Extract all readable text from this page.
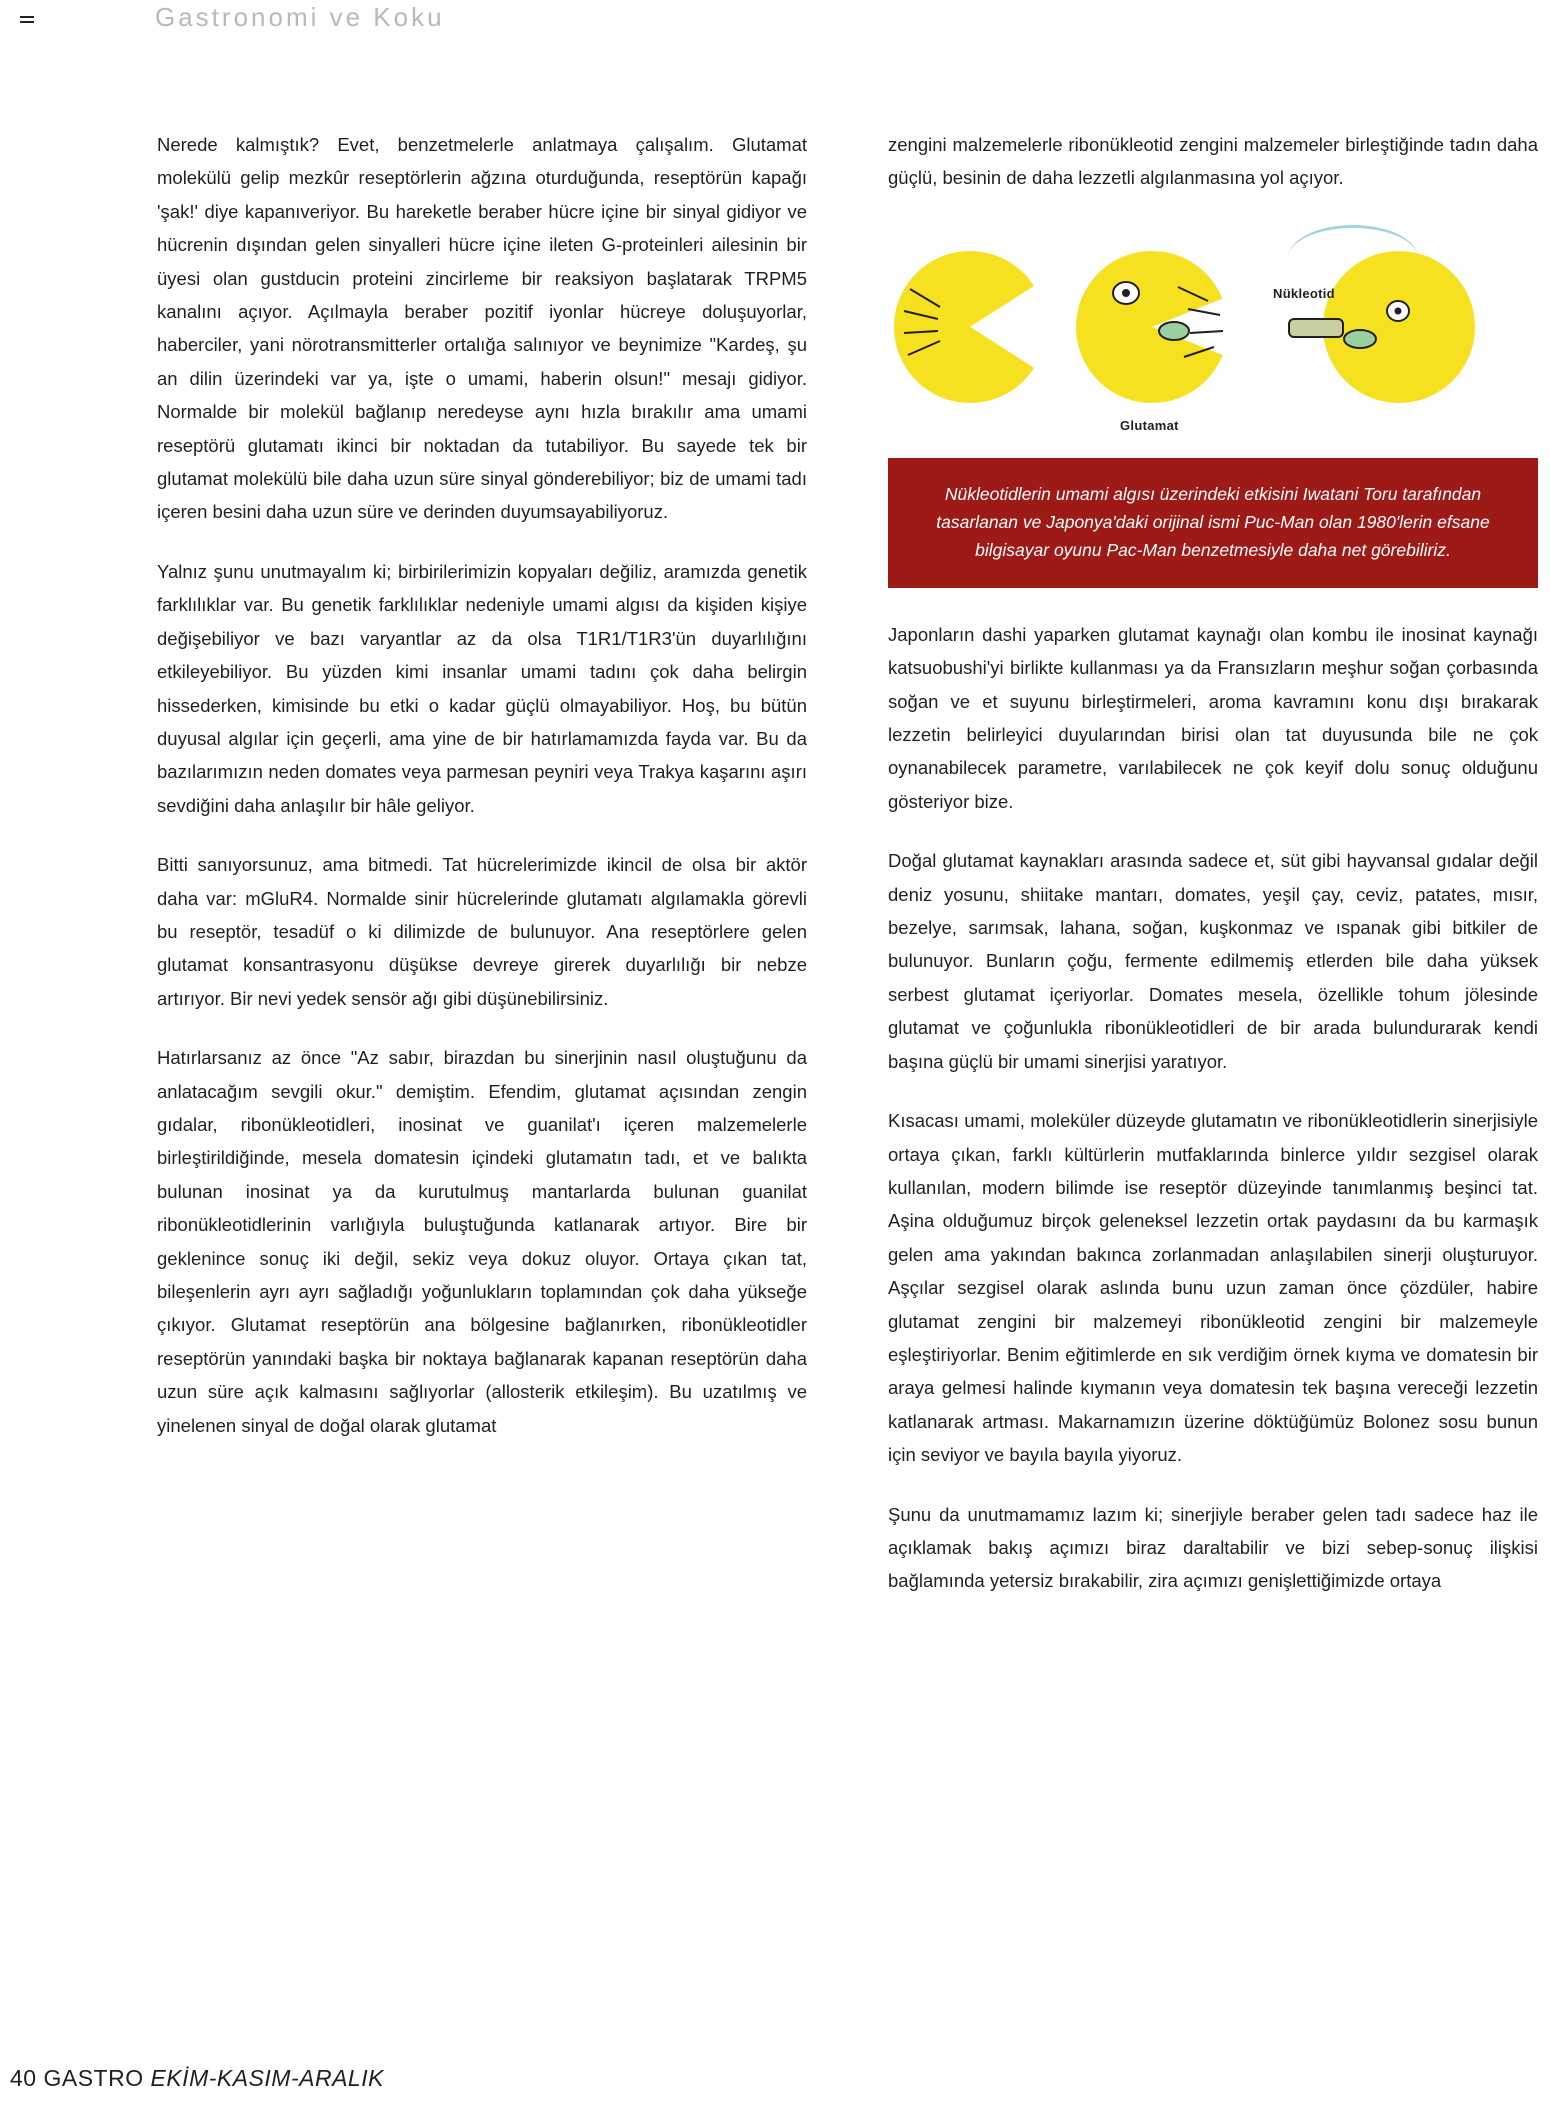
Gastronomi ve Koku

Nerede kalmıştık? Evet, benzetmelerle anlatmaya çalışalım. Glutamat molekülü gelip mezkûr reseptörlerin ağzına oturduğunda, reseptörün kapağı 'şak!' diye kapanıveriyor. Bu hareketle beraber hücre içine bir sinyal gidiyor ve hücrenin dışından gelen sinyalleri hücre içine ileten G-proteinleri ailesinin bir üyesi olan gustducin proteini zincirleme bir reaksiyon başlatarak TRPM5 kanalını açıyor. Açılmayla beraber pozitif iyonlar hücreye doluşuyorlar, haberciler, yani nörotransmitterler ortalığa salınıyor ve beynimize "Kardeş, şu an dilin üzerindeki var ya, işte o umami, haberin olsun!" mesajı gidiyor. Normalde bir molekül bağlanıp neredeyse aynı hızla bırakılır ama umami reseptörü glutamatı ikinci bir noktadan da tutabiliyor. Bu sayede tek bir glutamat molekülü bile daha uzun süre sinyal gönderebiliyor; biz de umami tadı içeren besini daha uzun süre ve derinden duyumsayabiliyoruz.

Yalnız şunu unutmayalım ki; birbirilerimizin kopyaları değiliz, aramızda genetik farklılıklar var. Bu genetik farklılıklar nedeniyle umami algısı da kişiden kişiye değişebiliyor ve bazı varyantlar az da olsa T1R1/T1R3'ün duyarlılığını etkileyebiliyor. Bu yüzden kimi insanlar umami tadını çok daha belirgin hissederken, kimisinde bu etki o kadar güçlü olmayabiliyor. Hoş, bu bütün duyusal algılar için geçerli, ama yine de bir hatırlamamızda fayda var. Bu da bazılarımızın neden domates veya parmesan peyniri veya Trakya kaşarını aşırı sevdiğini daha anlaşılır bir hâle geliyor.

Bitti sanıyorsunuz, ama bitmedi. Tat hücrelerimizde ikincil de olsa bir aktör daha var: mGluR4. Normalde sinir hücrelerinde glutamatı algılamakla görevli bu reseptör, tesadüf o ki dilimizde de bulunuyor. Ana reseptörlere gelen glutamat konsantrasyonu düşükse devreye girerek duyarlılığı bir nebze artırıyor. Bir nevi yedek sensör ağı gibi düşünebilirsiniz.

Hatırlarsanız az önce "Az sabır, birazdan bu sinerjinin nasıl oluştuğunu da anlatacağım sevgili okur." demiştim. Efendim, glutamat açısından zengin gıdalar, ribonükleotidleri, inosinat ve guanilat'ı içeren malzemelerle birleştirildiğinde, mesela domatesin içindeki glutamatın tadı, et ve balıkta bulunan inosinat ya da kurutulmuş mantarlarda bulunan guanilat ribonükleotidlerinin varlığıyla buluştuğunda katlanarak artıyor. Bire bir geklenince sonuç iki değil, sekiz veya dokuz oluyor. Ortaya çıkan tat, bileşenlerin ayrı ayrı sağladığı yoğunlukların toplamından çok daha yükseğe çıkıyor. Glutamat reseptörün ana bölgesine bağlanırken, ribonükleotidler reseptörün yanındaki başka bir noktaya bağlanarak kapanan reseptörün daha uzun süre açık kalmasını sağlıyorlar (allosterik etkileşim). Bu uzatılmış ve yinelenen sinyal de doğal olarak glutamat

zengini malzemelerle ribonükleotid zengini malzemeler birleştiğinde tadın daha güçlü, besinin de daha lezzetli algılanmasına yol açıyor.

Glutamat
Nükleotid
Nükleotidlerin umami algısı üzerindeki etkisini Iwatani Toru tarafından tasarlanan ve Japonya'daki orijinal ismi Puc-Man olan 1980'lerin efsane bilgisayar oyunu Pac-Man benzetmesiyle daha net görebiliriz.

Japonların dashi yaparken glutamat kaynağı olan kombu ile inosinat kaynağı katsuobushi'yi birlikte kullanması ya da Fransızların meşhur soğan çorbasında soğan ve et suyunu birleştirmeleri, aroma kavramını konu dışı bırakarak lezzetin belirleyici duyularından birisi olan tat duyusunda bile ne çok oynanabilecek parametre, varılabilecek ne çok keyif dolu sonuç olduğunu gösteriyor bize.

Doğal glutamat kaynakları arasında sadece et, süt gibi hayvansal gıdalar değil deniz yosunu, shiitake mantarı, domates, yeşil çay, ceviz, patates, mısır, bezelye, sarımsak, lahana, soğan, kuşkonmaz ve ıspanak gibi bitkiler de bulunuyor. Bunların çoğu, fermente edilmemiş etlerden bile daha yüksek serbest glutamat içeriyorlar. Domates mesela, özellikle tohum jölesinde glutamat ve çoğunlukla ribonükleotidleri de bir arada bulundurarak kendi başına güçlü bir umami sinerjisi yaratıyor.

Kısacası umami, moleküler düzeyde glutamatın ve ribonükleotidlerin sinerjisiyle ortaya çıkan, farklı kültürlerin mutfaklarında binlerce yıldır sezgisel olarak kullanılan, modern bilimde ise reseptör düzeyinde tanımlanmış beşinci tat. Aşina olduğumuz birçok geleneksel lezzetin ortak paydasını da bu karmaşık gelen ama yakından bakınca zorlanmadan anlaşılabilen sinerji oluşturuyor. Aşçılar sezgisel olarak aslında bunu uzun zaman önce çözdüler, habire glutamat zengini bir malzemeyi ribonükleotid zengini bir malzemeyle eşleştiriyorlar. Benim eğitimlerde en sık verdiğim örnek kıyma ve domatesin bir araya gelmesi halinde kıymanın veya domatesin tek başına vereceği lezzetin katlanarak artması. Makarnamızın üzerine döktüğümüz Bolonez sosu bunun için seviyor ve bayıla bayıla yiyoruz.

Şunu da unutmamamız lazım ki; sinerjiyle beraber gelen tadı sadece haz ile açıklamak bakış açımızı biraz daraltabilir ve bizi sebep-sonuç ilişkisi bağlamında yetersiz bırakabilir, zira açımızı genişlettiğimizde ortaya

40 GASTRO EKİM-KASIM-ARALIK
